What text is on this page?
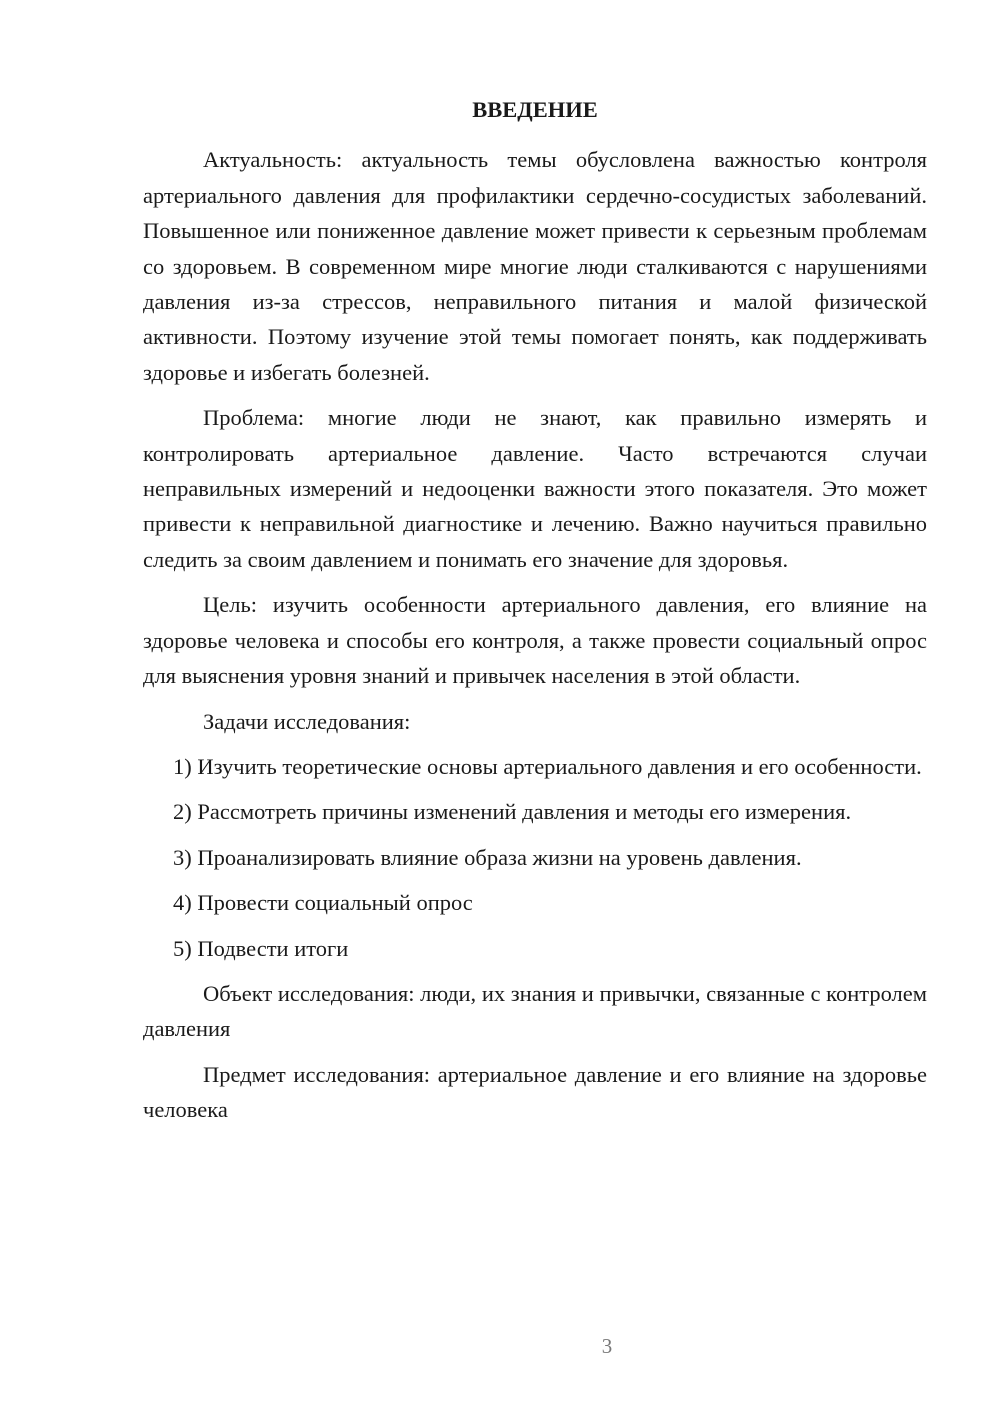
ВВЕДЕНИЕ

Актуальность: актуальность темы обусловлена важностью контроля артериального давления для профилактики сердечно-сосудистых заболеваний. Повышенное или пониженное давление может привести к серьезным проблемам со здоровьем. В современном мире многие люди сталкиваются с нарушениями давления из-за стрессов, неправильного питания и малой физической активности. Поэтому изучение этой темы помогает понять, как поддерживать здоровье и избегать болезней.

Проблема: многие люди не знают, как правильно измерять и контролировать артериальное давление. Часто встречаются случаи неправильных измерений и недооценки важности этого показателя. Это может привести к неправильной диагностике и лечению. Важно научиться правильно следить за своим давлением и понимать его значение для здоровья.

Цель: изучить особенности артериального давления, его влияние на здоровье человека и способы его контроля, а также провести социальный опрос для выяснения уровня знаний и привычек населения в этой области.

Задачи исследования:

1) Изучить теоретические основы артериального давления и его особенности.

2) Рассмотреть причины изменений давления и методы его измерения.

3) Проанализировать влияние образа жизни на уровень давления.

4) Провести социальный опрос

5) Подвести итоги

Объект исследования: люди, их знания и привычки, связанные с контролем давления

Предмет исследования: артериальное давление и его влияние на здоровье человека

3
